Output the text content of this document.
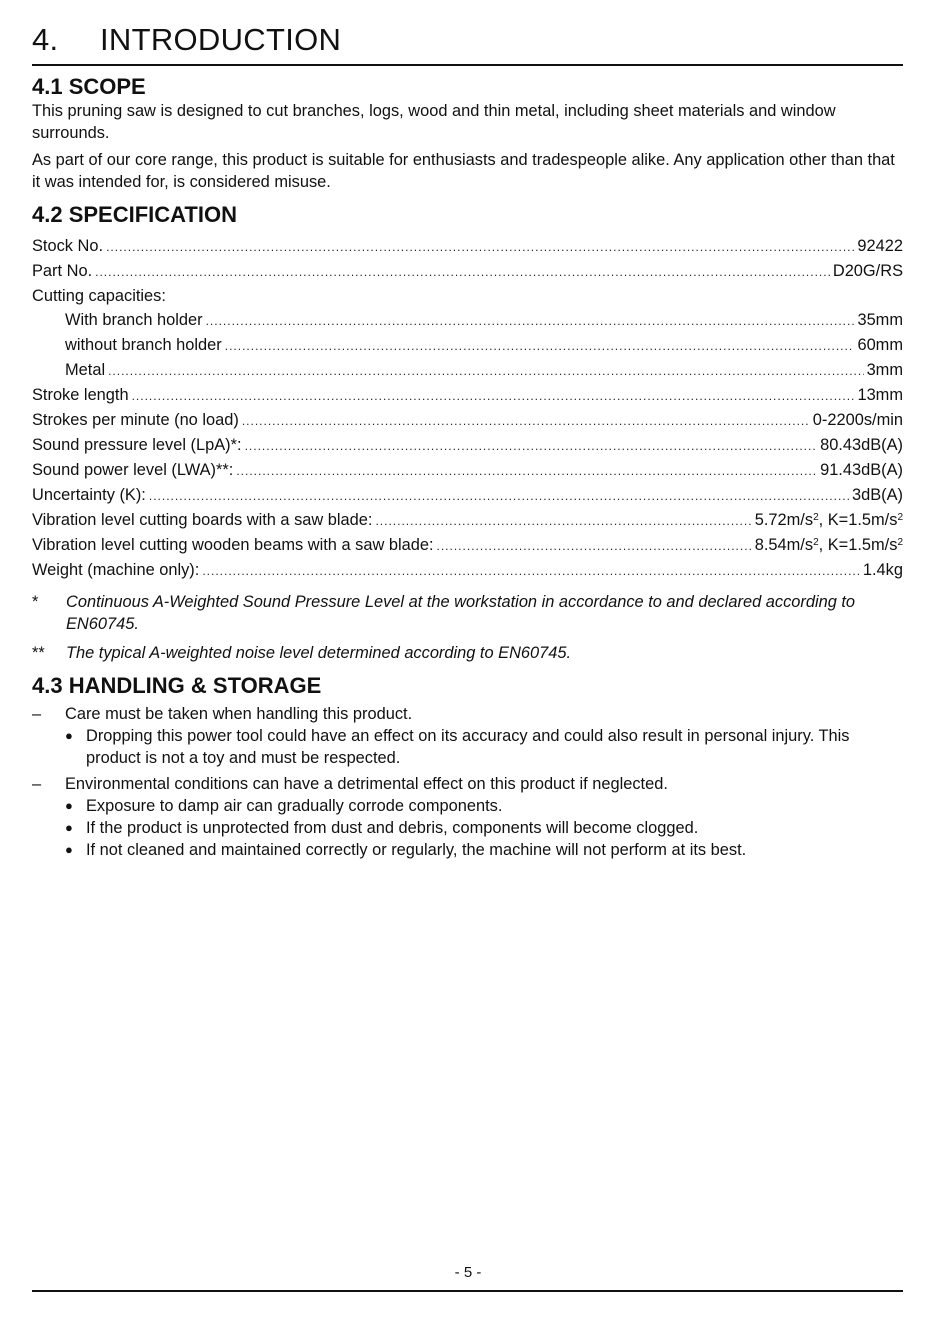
4. INTRODUCTION
4.1 SCOPE

This pruning saw is designed to cut branches, logs, wood and thin metal, including sheet materials and window surrounds.

As part of our core range, this product is suitable for enthusiasts and tradespeople alike. Any application other than that it was intended for, is considered misuse.

4.2 SPECIFICATION
Stock No. .....	92422
Part No. .....	D20G/RS
Cutting capacities:
With branch holder .....	35mm
without branch holder .....	60mm
Metal .....	3mm
Stroke length .....	13mm
Strokes per minute (no load) .....	0-2200s/min
Sound pressure level (LpA)*: .....	80.43dB(A)
Sound power level (LWA)**: .....	91.43dB(A)
Uncertainty (K): .....	3dB(A)
Vibration level cutting boards with a saw blade: .....	$5.72m/s^2$, $K=1.5m/s^2$
Vibration level cutting wooden beams with a saw blade: .....	$8.54m/s^2$, $K=1.5m/s^2$
Weight (machine only): .....	1.4kg
*	Continuous A-Weighted Sound Pressure Level at the workstation in accordance to and declared according to EN60745.
**	The typical A-weighted noise level determined according to EN60745.
4.3 HANDLING & STORAGE
–	Care must be taken when handling this product.
● Dropping this power tool could have an effect on its accuracy and could also result in personal injury. This product is not a toy and must be respected.
–	Environmental conditions can have a detrimental effect on this product if neglected.
● Exposure to damp air can gradually corrode components.
● If the product is unprotected from dust and debris, components will become clogged.
● If not cleaned and maintained correctly or regularly, the machine will not perform at its best.
- 5 -
